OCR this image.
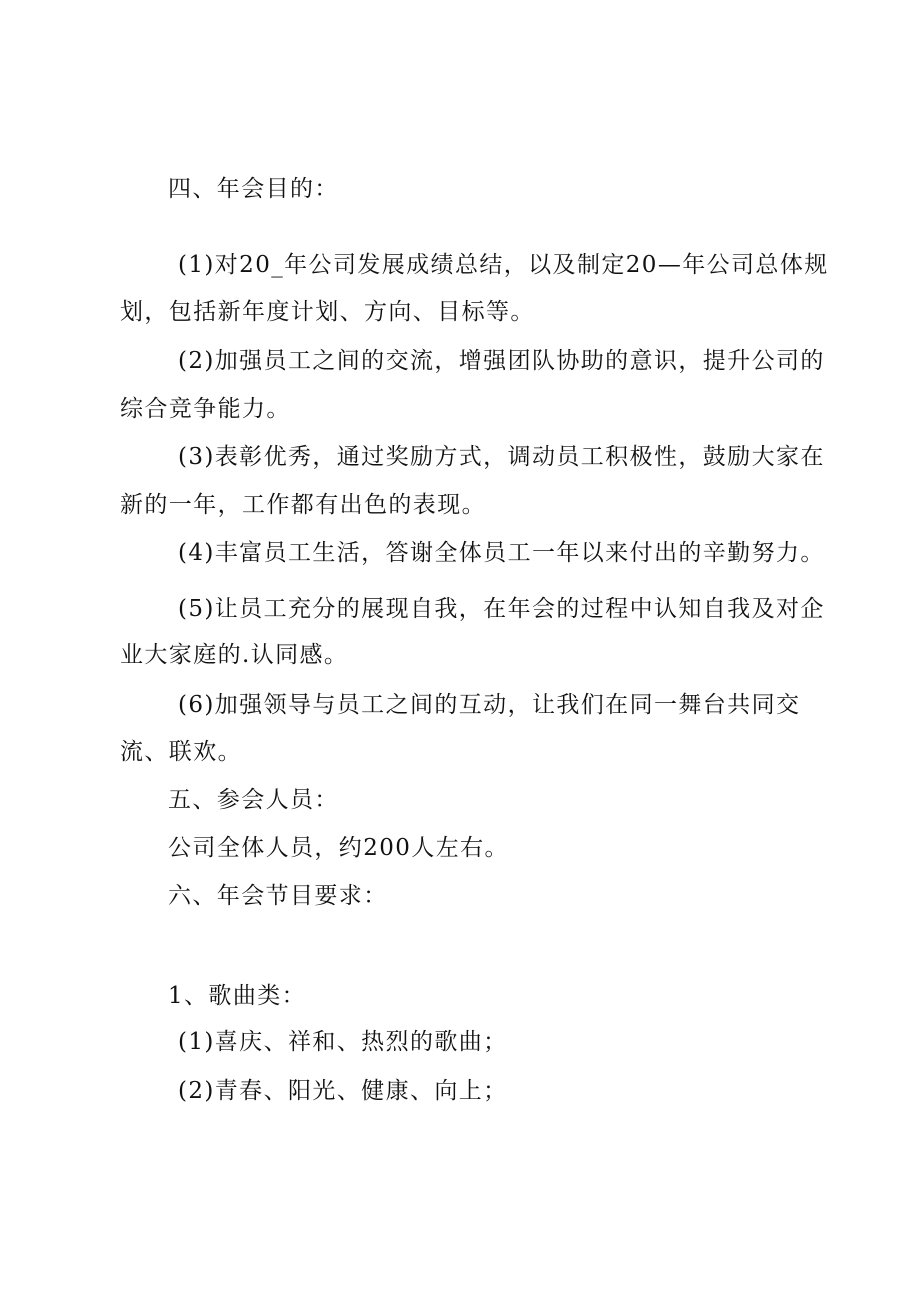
四、年会目的：
(1)对20_年公司发展成绩总结，以及制定20—年公司总体规
划，包括新年度计划、方向、目标等。
(2)加强员工之间的交流，增强团队协助的意识，提升公司的
综合竞争能力。
(3)表彰优秀，通过奖励方式，调动员工积极性，鼓励大家在
新的一年，工作都有出色的表现。
(4)丰富员工生活，答谢全体员工一年以来付出的辛勤努力。
(5)让员工充分的展现自我，在年会的过程中认知自我及对企
业大家庭的.认同感。
(6)加强领导与员工之间的互动，让我们在同一舞台共同交
流、联欢。
五、参会人员：
公司全体人员，约200人左右。
六、年会节目要求：
1、歌曲类：
(1)喜庆、祥和、热烈的歌曲；
(2)青春、阳光、健康、向上；
